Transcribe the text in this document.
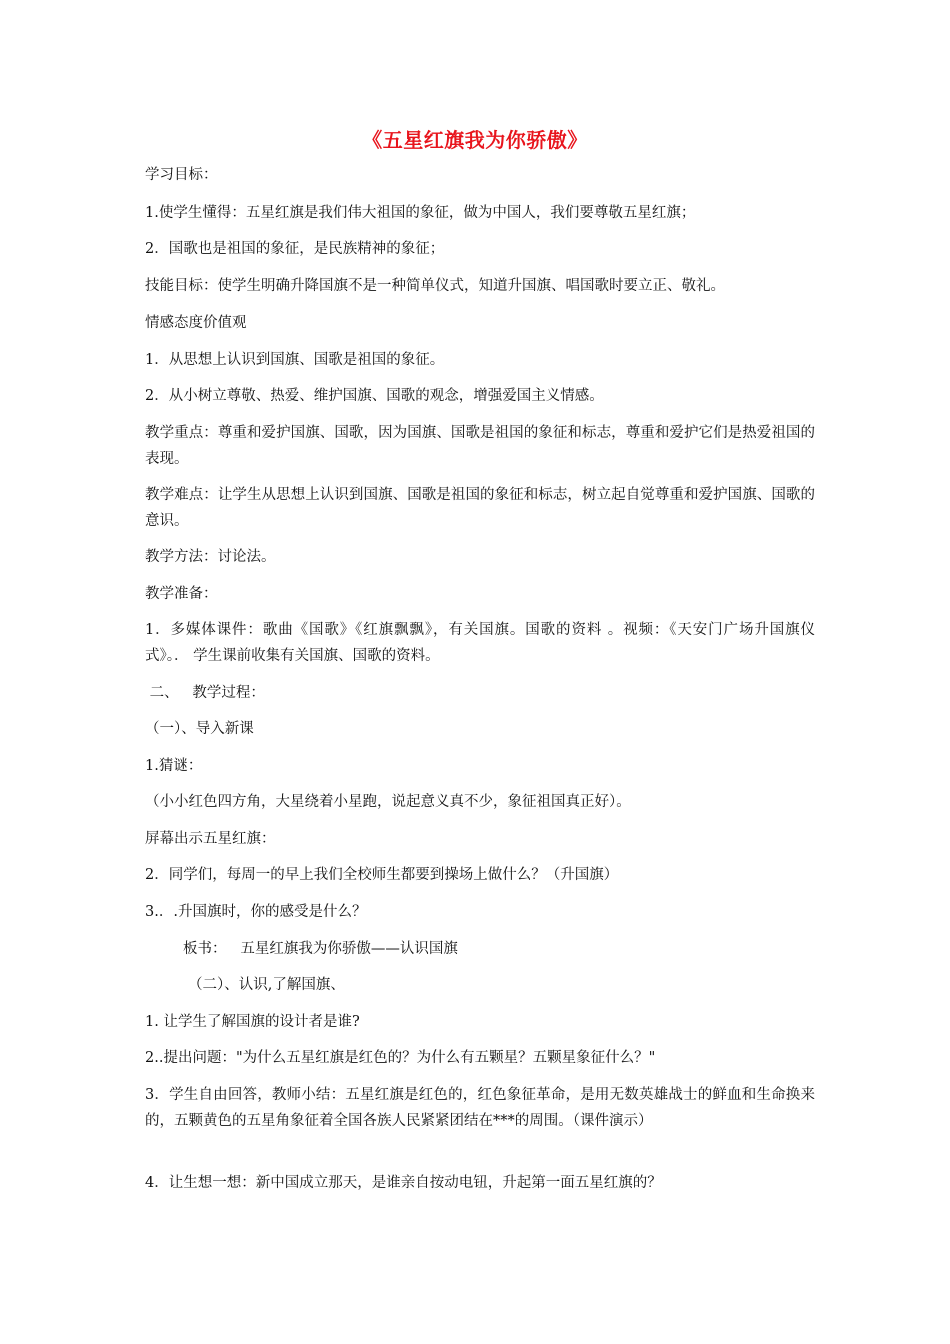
《五星红旗我为你骄傲》
学习目标：
1.使学生懂得：五星红旗是我们伟大祖国的象征，做为中国人，我们要尊敬五星红旗；
2．国歌也是祖国的象征，是民族精神的象征；
技能目标：使学生明确升降国旗不是一种简单仪式，知道升国旗、唱国歌时要立正、敬礼。
情感态度价值观
1．从思想上认识到国旗、国歌是祖国的象征。
2．从小树立尊敬、热爱、维护国旗、国歌的观念，增强爱国主义情感。
教学重点：尊重和爱护国旗、国歌，因为国旗、国歌是祖国的象征和标志，尊重和爱护它们是热爱祖国的表现。
教学难点：让学生从思想上认识到国旗、国歌是祖国的象征和标志，树立起自觉尊重和爱护国旗、国歌的意识。
教学方法：讨论法。
教学准备：
1．多媒体课件：歌曲《国歌》《红旗飘飘》，有关国旗。国歌的资料 。视频：《天安门广场升国旗仪式》。． 学生课前收集有关国旗、国歌的资料。
二、   教学过程：
（一）、导入新课
1.猜谜：
（小小红色四方角，大星绕着小星跑，说起意义真不少，象征祖国真正好）。
屏幕出示五星红旗：
2．同学们，每周一的早上我们全校师生都要到操场上做什么？（升国旗）
3.．.升国旗时，你的感受是什么？
板书：   五星红旗我为你骄傲——认识国旗
（二）、认识,了解国旗、
1. 让学生了解国旗的设计者是谁?
2..提出问题："为什么五星红旗是红色的？为什么有五颗星？五颗星象征什么？"
3．学生自由回答，教师小结：五星红旗是红色的，红色象征革命，是用无数英雄战士的鲜血和生命换来的，五颗黄色的五星角象征着全国各族人民紧紧团结在***的周围。（课件演示）
4．让生想一想：新中国成立那天，是谁亲自按动电钮，升起第一面五星红旗的？
